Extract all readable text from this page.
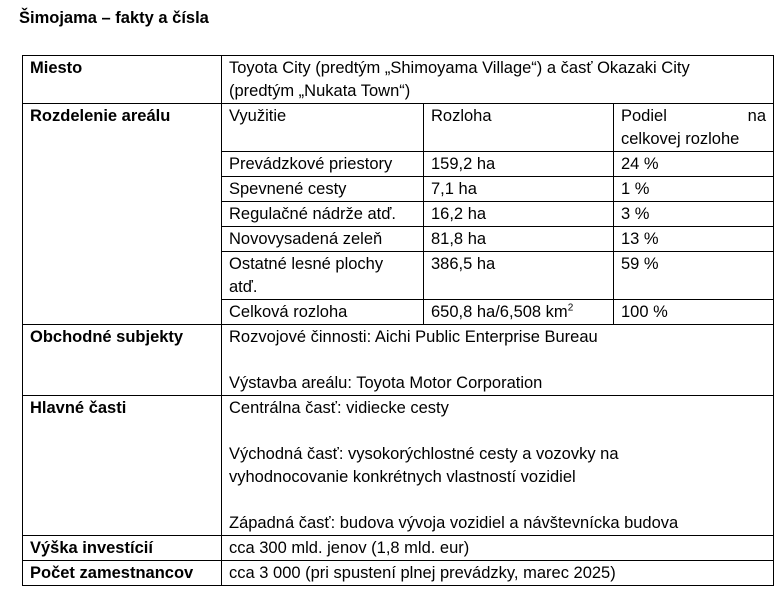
Šimojama – fakty a čísla
Miesto	Toyota City (predtým „Shimoyama Village“) a časť Okazaki City
(predtým „Nukata Town“)		

Rozdelenie areálu	Využitie	Rozloha	Podiel na
celkovej rozlohe

	Prevádzkové priestory	159,2 ha	24 %
	Spevnené cesty	7,1 ha	1 %
	Regulačné nádrže atď.	16,2 ha	3 %
	Novovysadená zeleň	81,8 ha	13 %

	Ostatné lesné plochy
atď.	386,5 ha	59 %
	Celková rozloha	650,8 ha/6,508 $km^2$	100 %
Obchodné subjekty	Rozvojové činnosti: Aichi Public Enterprise Bureau
Výstavba areálu: Toyota Motor Corporation		

Hlavné časti	Centrálna časť: vidiecke cesty
Východná časť: vysokorýchlostné cesty a vozovky na
vyhodnocovanie konkrétnych vlastností vozidiel
Západná časť: budova vývoja vozidiel a návštevnícka budova		

Výška investícií	cca 300 mld. jenov (1,8 mld. eur)		
Počet zamestnancov	cca 3 000 (pri spustení plnej prevádzky, marec 2025)		
